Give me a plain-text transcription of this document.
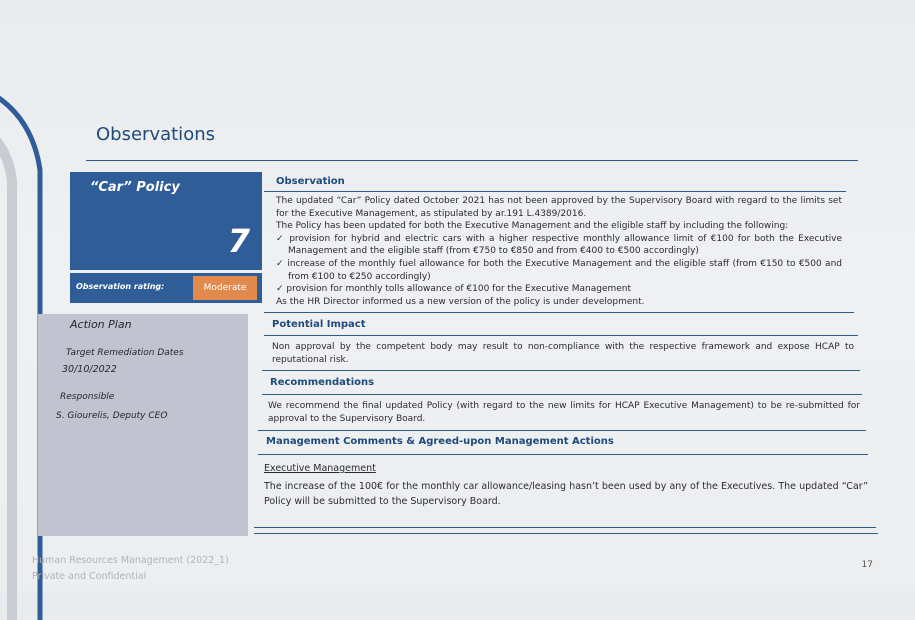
Observations
“Car” Policy
7
Observation rating:	Moderate
Action Plan
Target Remediation Dates
30/10/2022
Responsible
S. Giourelis, Deputy CEO
Observation
The updated “Car” Policy dated October 2021 has not been approved by the Supervisory Board with regard to the limits set for the Executive Management, as stipulated by ar.191 L.4389/2016.
The Policy has been updated for both the Executive Management and the eligible staff by including the following:
✓ provision for hybrid and electric cars with a higher respective monthly allowance limit of €100 for both the Executive Management and the eligible staff (from €750 to €850 and from €400 to €500 accordingly)
✓ increase of the monthly fuel allowance for both the Executive Management and the eligible staff (from €150 to €500 and from €100 to €250 accordingly)
✓ provision for monthly tolls allowance of €100 for the Executive Management
As the HR Director informed us a new version of the policy is under development.
Potential Impact
Non approval by the competent body may result to non-compliance with the respective framework and expose HCAP to reputational risk.
Recommendations
We recommend the final updated Policy (with regard to the new limits for HCAP Executive Management) to be re-submitted for approval to the Supervisory Board.
Management Comments & Agreed-upon Management Actions
Executive Management
The increase of the 100€ for the monthly car allowance/leasing hasn’t been used by any of the Executives. The updated “Car” Policy will be submitted to the Supervisory Board.
Human Resources Management (2022_1)
Private and Confidential
17
